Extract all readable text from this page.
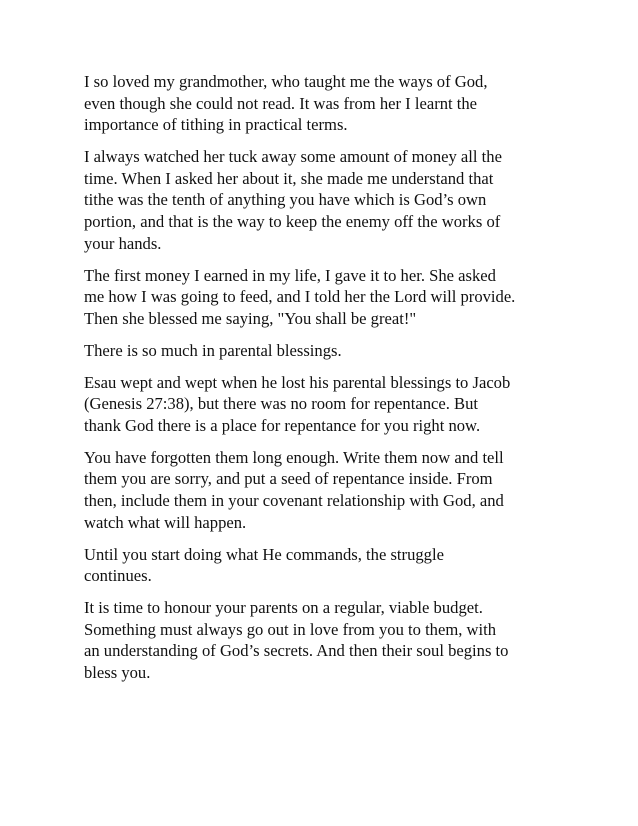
I so loved my grandmother, who taught me the ways of God,
even though she could not read. It was from her I learnt the
importance of tithing in practical terms.

I always watched her tuck away some amount of money all the
time. When I asked her about it, she made me understand that
tithe was the tenth of anything you have which is God’s own
portion, and that is the way to keep the enemy off the works of
your hands.

The first money I earned in my life, I gave it to her. She asked
me how I was going to feed, and I told her the Lord will provide.
Then she blessed me saying, "You shall be great!"

There is so much in parental blessings.

Esau wept and wept when he lost his parental blessings to Jacob
(Genesis 27:38), but there was no room for repentance. But
thank God there is a place for repentance for you right now.

You have forgotten them long enough. Write them now and tell
them you are sorry, and put a seed of repentance inside. From
then, include them in your covenant relationship with God, and
watch what will happen.

Until you start doing what He commands, the struggle
continues.

It is time to honour your parents on a regular, viable budget.
Something must always go out in love from you to them, with
an understanding of God’s secrets. And then their soul begins to
bless you.
